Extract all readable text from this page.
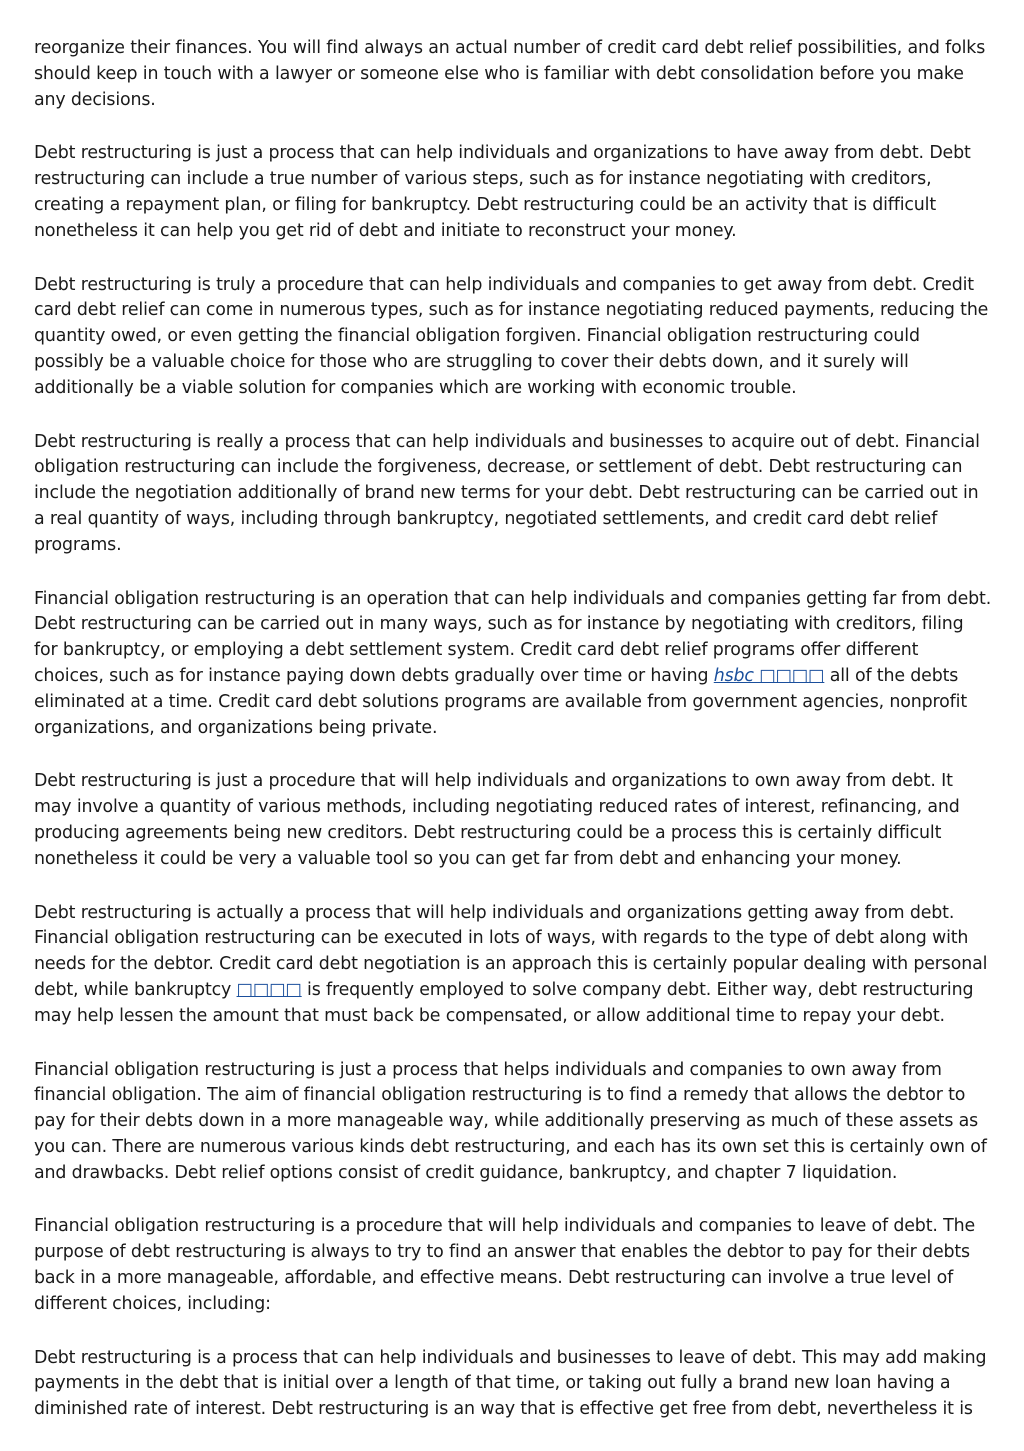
reorganize their finances. You will find always an actual number of credit card debt relief possibilities, and folks should keep in touch with a lawyer or someone else who is familiar with debt consolidation before you make any decisions.

Debt restructuring is just a process that can help individuals and organizations to have away from debt. Debt restructuring can include a true number of various steps, such as for instance negotiating with creditors, creating a repayment plan, or filing for bankruptcy. Debt restructuring could be an activity that is difficult nonetheless it can help you get rid of debt and initiate to reconstruct your money.

Debt restructuring is truly a procedure that can help individuals and companies to get away from debt. Credit card debt relief can come in numerous types, such as for instance negotiating reduced payments, reducing the quantity owed, or even getting the financial obligation forgiven. Financial obligation restructuring could possibly be a valuable choice for those who are struggling to cover their debts down, and it surely will additionally be a viable solution for companies which are working with economic trouble.

Debt restructuring is really a process that can help individuals and businesses to acquire out of debt. Financial obligation restructuring can include the forgiveness, decrease, or settlement of debt. Debt restructuring can include the negotiation additionally of brand new terms for your debt. Debt restructuring can be carried out in a real quantity of ways, including through bankruptcy, negotiated settlements, and credit card debt relief programs.

Financial obligation restructuring is an operation that can help individuals and companies getting far from debt. Debt restructuring can be carried out in many ways, such as for instance by negotiating with creditors, filing for bankruptcy, or employing a debt settlement system. Credit card debt relief programs offer different choices, such as for instance paying down debts gradually over time or having hsbc □□□□ all of the debts eliminated at a time. Credit card debt solutions programs are available from government agencies, nonprofit organizations, and organizations being private.

Debt restructuring is just a procedure that will help individuals and organizations to own away from debt. It may involve a quantity of various methods, including negotiating reduced rates of interest, refinancing, and producing agreements being new creditors. Debt restructuring could be a process this is certainly difficult nonetheless it could be very a valuable tool so you can get far from debt and enhancing your money.

Debt restructuring is actually a process that will help individuals and organizations getting away from debt. Financial obligation restructuring can be executed in lots of ways, with regards to the type of debt along with needs for the debtor. Credit card debt negotiation is an approach this is certainly popular dealing with personal debt, while bankruptcy □□□□ is frequently employed to solve company debt. Either way, debt restructuring may help lessen the amount that must back be compensated, or allow additional time to repay your debt.

Financial obligation restructuring is just a process that helps individuals and companies to own away from financial obligation. The aim of financial obligation restructuring is to find a remedy that allows the debtor to pay for their debts down in a more manageable way, while additionally preserving as much of these assets as you can. There are numerous various kinds debt restructuring, and each has its own set this is certainly own of and drawbacks. Debt relief options consist of credit guidance, bankruptcy, and chapter 7 liquidation.

Financial obligation restructuring is a procedure that will help individuals and companies to leave of debt. The purpose of debt restructuring is always to try to find an answer that enables the debtor to pay for their debts back in a more manageable, affordable, and effective means. Debt restructuring can involve a true level of different choices, including:

Debt restructuring is a process that can help individuals and businesses to leave of debt. This may add making payments in the debt that is initial over a length of that time, or taking out fully a brand new loan having a diminished rate of interest. Debt restructuring is an way that is effective get free from debt, nevertheless it is
